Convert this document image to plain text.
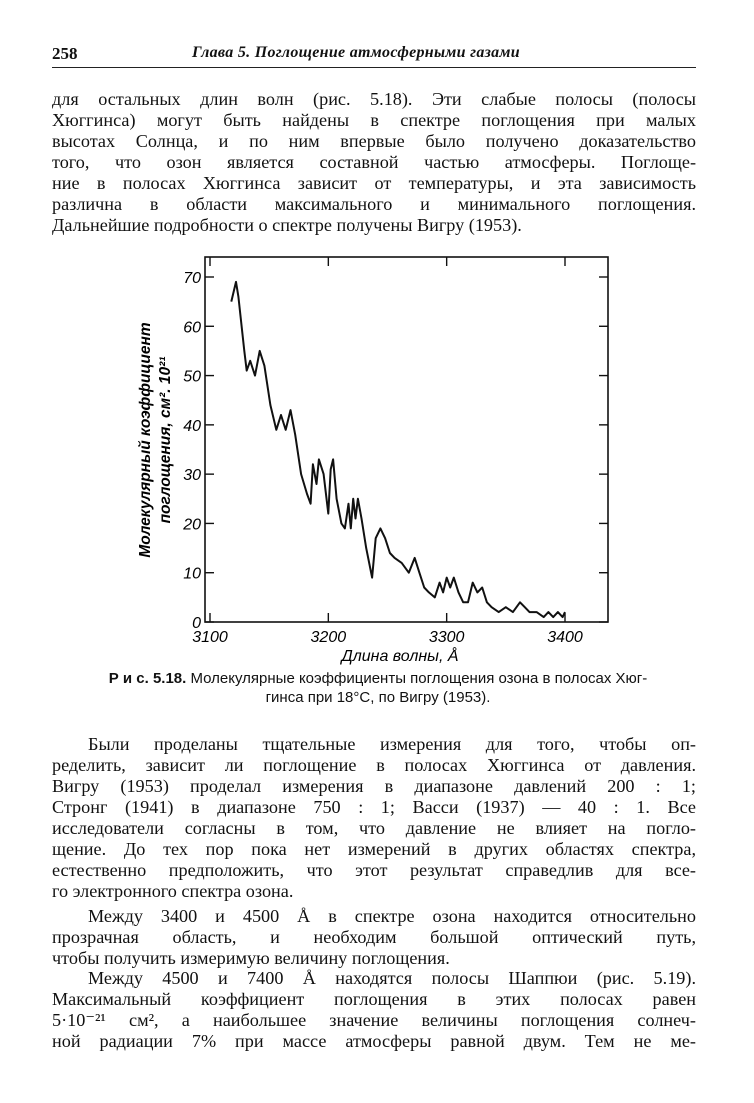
258	Глава 5. Поглощение атмосферными газами
для остальных длин волн (рис. 5.18). Эти слабые полосы (полосы
Хюггинса) могут быть найдены в спектре поглощения при малых
высотах Солнца, и по ним впервые было получено доказательство
того, что озон является составной частью атмосферы. Поглоще-
ние в полосах Хюггинса зависит от температуры, и эта зависимость
различна в области максимального и минимального поглощения.
Дальнейшие подробности о спектре получены Вигру (1953).
0
10
20
30
40
50
60
70
3100	3200	3300	3400
Длина волны, Å
Молекулярный коэффициент поглощения, см². 10²¹
Р и с. 5.18. Молекулярные коэффициенты поглощения озона в полосах Хюг-
гинса при 18°С, по Вигру (1953).
Были проделаны тщательные измерения для того, чтобы оп-
ределить, зависит ли поглощение в полосах Хюггинса от давления.
Вигру (1953) проделал измерения в диапазоне давлений 200 : 1;
Стронг (1941) в диапазоне 750 : 1; Васси (1937) — 40 : 1. Все
исследователи согласны в том, что давление не влияет на погло-
щение. До тех пор пока нет измерений в других областях спектра,
естественно предположить, что этот результат справедлив для все-
го электронного спектра озона.
Между 3400 и 4500 Å в спектре озона находится относительно
прозрачная область, и необходим большой оптический путь,
чтобы получить измеримую величину поглощения.
Между 4500 и 7400 Å находятся полосы Шаппюи (рис. 5.19).
Максимальный коэффициент поглощения в этих полосах равен
5·10⁻²¹ см², а наибольшее значение величины поглощения солнеч-
ной радиации 7% при массе атмосферы равной двум. Тем не ме-
